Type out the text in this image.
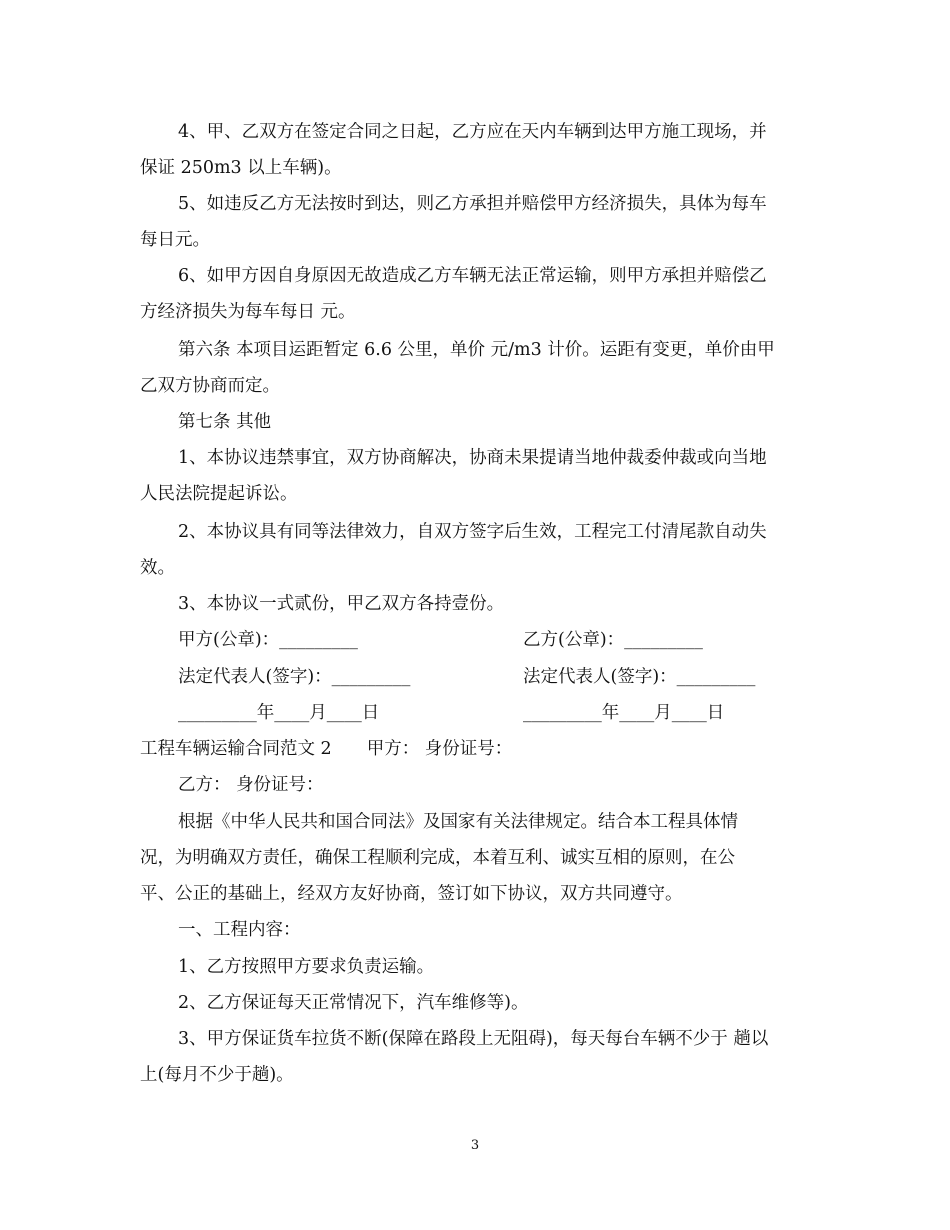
4、甲、乙双方在签定合同之日起，乙方应在天内车辆到达甲方施工现场，并
保证 250m3 以上车辆)。
5、如违反乙方无法按时到达，则乙方承担并赔偿甲方经济损失，具体为每车
每日元。
6、如甲方因自身原因无故造成乙方车辆无法正常运输，则甲方承担并赔偿乙
方经济损失为每车每日 元。
第六条 本项目运距暂定 6.6 公里，单价 元/m3 计价。运距有变更，单价由甲
乙双方协商而定。
第七条 其他
1、本协议违禁事宜，双方协商解决，协商未果提请当地仲裁委仲裁或向当地
人民法院提起诉讼。
2、本协议具有同等法律效力，自双方签字后生效，工程完工付清尾款自动失
效。
3、本协议一式贰份，甲乙双方各持壹份。
甲方(公章)：_________	乙方(公章)：_________
法定代表人(签字)：_________	法定代表人(签字)：_________
_________年____月____日	_________年____月____日
工程车辆运输合同范文 2　　甲方： 身份证号：
乙方： 身份证号：
根据《中华人民共和国合同法》及国家有关法律规定。结合本工程具体情
况，为明确双方责任，确保工程顺利完成，本着互利、诚实互相的原则，在公
平、公正的基础上，经双方友好协商，签订如下协议，双方共同遵守。
一、工程内容：
1、乙方按照甲方要求负责运输。
2、乙方保证每天正常情况下，汽车维修等)。
3、甲方保证货车拉货不断(保障在路段上无阻碍)，每天每台车辆不少于 趟以
上(每月不少于趟)。
3
